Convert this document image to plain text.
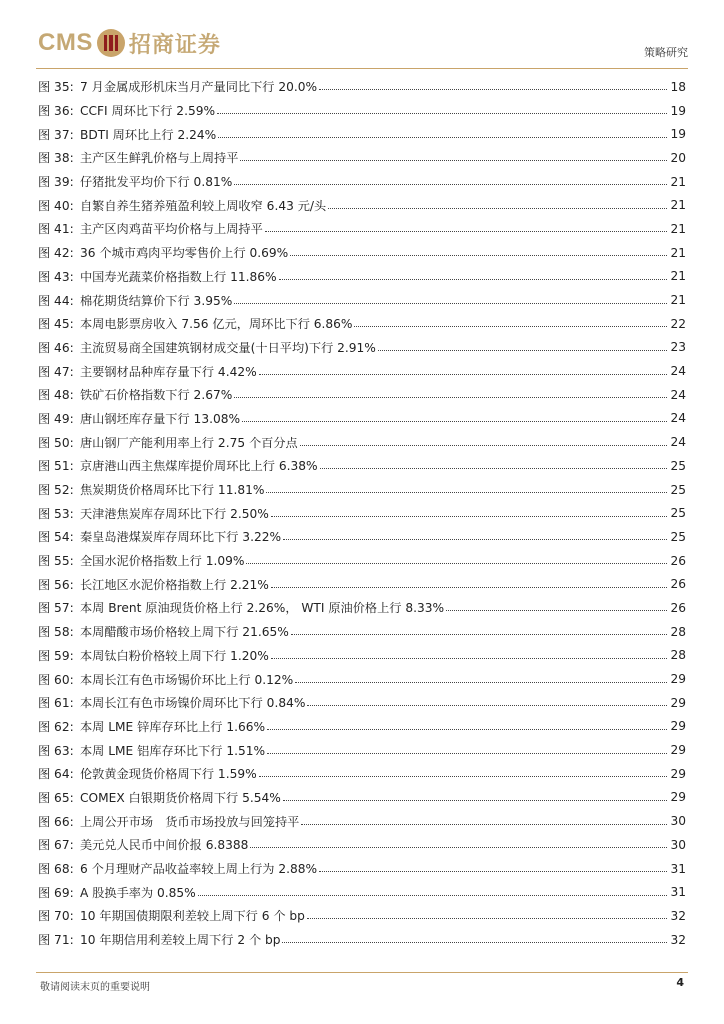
CMS 招商证券	策略研究
图 35: 7 月金属成形机床当月产量同比下行 20.0%	18
图 36: CCFI 周环比下行 2.59%	19
图 37: BDTI 周环比上行 2.24%	19
图 38: 主产区生鲜乳价格与上周持平	20
图 39: 仔猪批发平均价下行 0.81%	21
图 40: 自繁自养生猪养殖盈利较上周收窄 6.43 元/头	21
图 41: 主产区肉鸡苗平均价格与上周持平	21
图 42: 36 个城市鸡肉平均零售价上行 0.69%	21
图 43: 中国寿光蔬菜价格指数上行 11.86%	21
图 44: 棉花期货结算价下行 3.95%	21
图 45: 本周电影票房收入 7.56 亿元，周环比下行 6.86%	22
图 46: 主流贸易商全国建筑钢材成交量(十日平均)下行 2.91%	23
图 47: 主要钢材品种库存量下行 4.42%	24
图 48: 铁矿石价格指数下行 2.67%	24
图 49: 唐山钢坯库存量下行 13.08%	24
图 50: 唐山钢厂产能利用率上行 2.75 个百分点	24
图 51: 京唐港山西主焦煤库提价周环比上行 6.38%	25
图 52: 焦炭期货价格周环比下行 11.81%	25
图 53: 天津港焦炭库存周环比下行 2.50%	25
图 54: 秦皇岛港煤炭库存周环比下行 3.22%	25
图 55: 全国水泥价格指数上行 1.09%	26
图 56: 长江地区水泥价格指数上行 2.21%	26
图 57: 本周 Brent 原油现货价格上行 2.26%， WTI 原油价格上行 8.33%	26
图 58: 本周醋酸市场价格较上周下行 21.65%	28
图 59: 本周钛白粉价格较上周下行 1.20%	28
图 60: 本周长江有色市场锡价环比上行 0.12%	29
图 61: 本周长江有色市场镍价周环比下行 0.84%	29
图 62: 本周 LME 锌库存环比上行 1.66%	29
图 63: 本周 LME 铝库存环比下行 1.51%	29
图 64: 伦敦黄金现货价格周下行 1.59%	29
图 65: COMEX 白银期货价格周下行 5.54%	29
图 66: 上周公开市场　货币市场投放与回笼持平	30
图 67: 美元兑人民币中间价报 6.8388	30
图 68: 6 个月理财产品收益率较上周上行为 2.88%	31
图 69: A 股换手率为 0.85%	31
图 70: 10 年期国债期限利差较上周下行 6 个 bp	32
图 71: 10 年期信用利差较上周下行 2 个 bp	32
敬请阅读末页的重要说明	4
